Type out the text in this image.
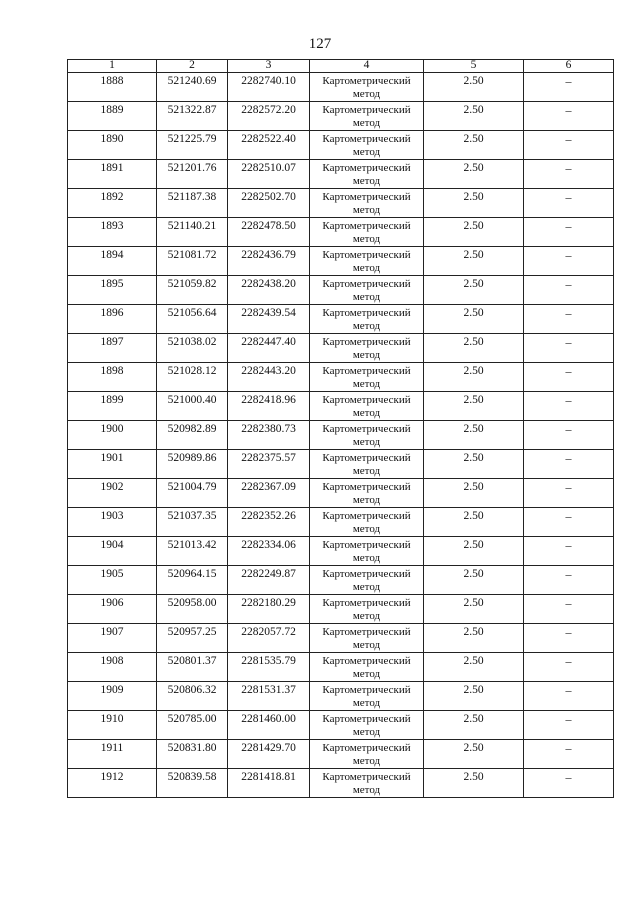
127
1	2	3	4	5	6
1888	521240.69	2282740.10	Картометрический метод	2.50	–
1889	521322.87	2282572.20	Картометрический метод	2.50	–
1890	521225.79	2282522.40	Картометрический метод	2.50	–
1891	521201.76	2282510.07	Картометрический метод	2.50	–
1892	521187.38	2282502.70	Картометрический метод	2.50	–
1893	521140.21	2282478.50	Картометрический метод	2.50	–
1894	521081.72	2282436.79	Картометрический метод	2.50	–
1895	521059.82	2282438.20	Картометрический метод	2.50	–
1896	521056.64	2282439.54	Картометрический метод	2.50	–
1897	521038.02	2282447.40	Картометрический метод	2.50	–
1898	521028.12	2282443.20	Картометрический метод	2.50	–
1899	521000.40	2282418.96	Картометрический метод	2.50	–
1900	520982.89	2282380.73	Картометрический метод	2.50	–
1901	520989.86	2282375.57	Картометрический метод	2.50	–
1902	521004.79	2282367.09	Картометрический метод	2.50	–
1903	521037.35	2282352.26	Картометрический метод	2.50	–
1904	521013.42	2282334.06	Картометрический метод	2.50	–
1905	520964.15	2282249.87	Картометрический метод	2.50	–
1906	520958.00	2282180.29	Картометрический метод	2.50	–
1907	520957.25	2282057.72	Картометрический метод	2.50	–
1908	520801.37	2281535.79	Картометрический метод	2.50	–
1909	520806.32	2281531.37	Картометрический метод	2.50	–
1910	520785.00	2281460.00	Картометрический метод	2.50	–
1911	520831.80	2281429.70	Картометрический метод	2.50	–
1912	520839.58	2281418.81	Картометрический метод	2.50	–
